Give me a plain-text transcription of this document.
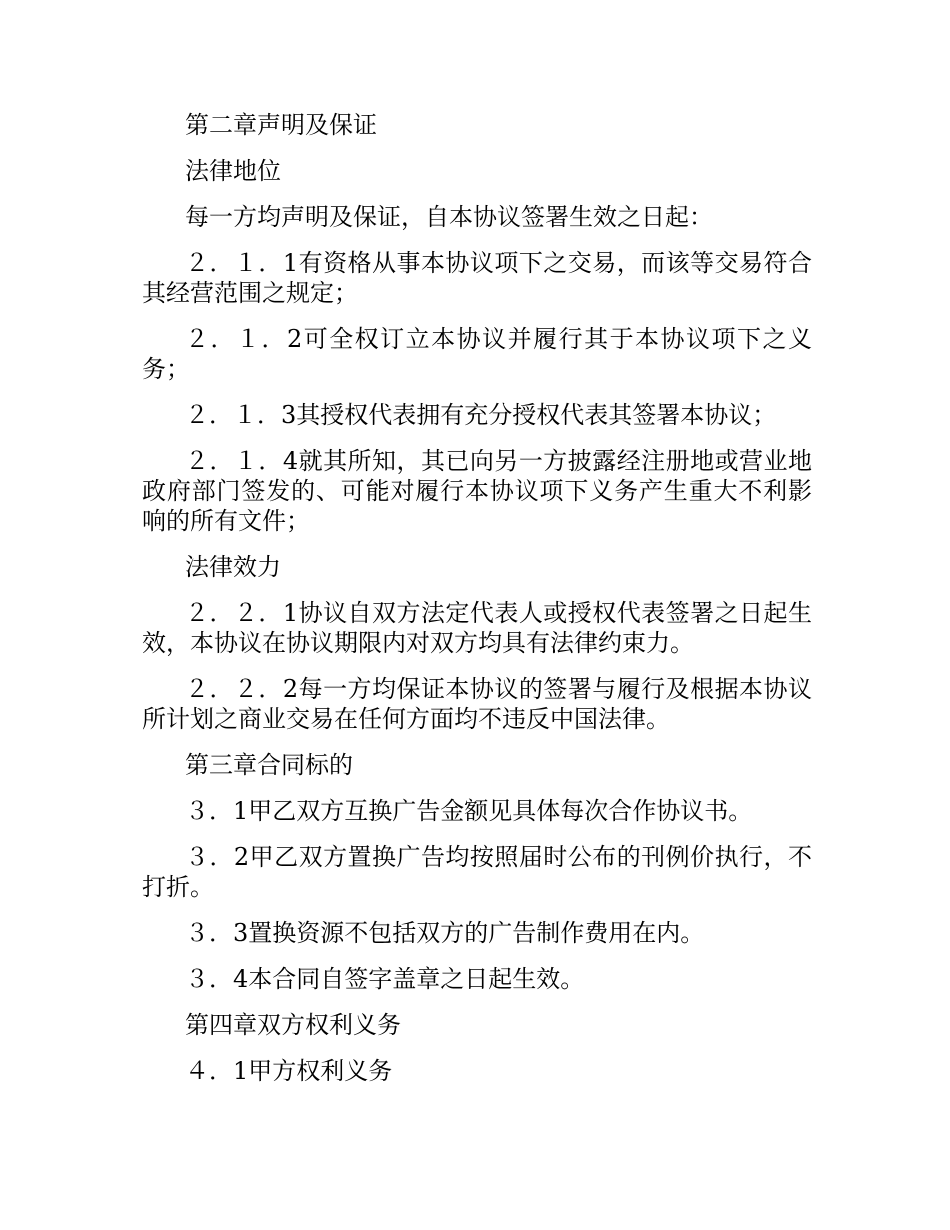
第二章声明及保证

法律地位

每一方均声明及保证，自本协议签署生效之日起：

２．１．1有资格从事本协议项下之交易，而该等交易符合其经营范围之规定；

２．１．2可全权订立本协议并履行其于本协议项下之义务；

２．１．3其授权代表拥有充分授权代表其签署本协议；

２．１．4就其所知，其已向另一方披露经注册地或营业地政府部门签发的、可能对履行本协议项下义务产生重大不利影响的所有文件；

法律效力

２．２．1协议自双方法定代表人或授权代表签署之日起生效，本协议在协议期限内对双方均具有法律约束力。

２．２．2每一方均保证本协议的签署与履行及根据本协议所计划之商业交易在任何方面均不违反中国法律。

第三章合同标的

３．1甲乙双方互换广告金额见具体每次合作协议书。

３．2甲乙双方置换广告均按照届时公布的刊例价执行，不打折。

３．3置换资源不包括双方的广告制作费用在内。

３．4本合同自签字盖章之日起生效。

第四章双方权利义务

４．1甲方权利义务
